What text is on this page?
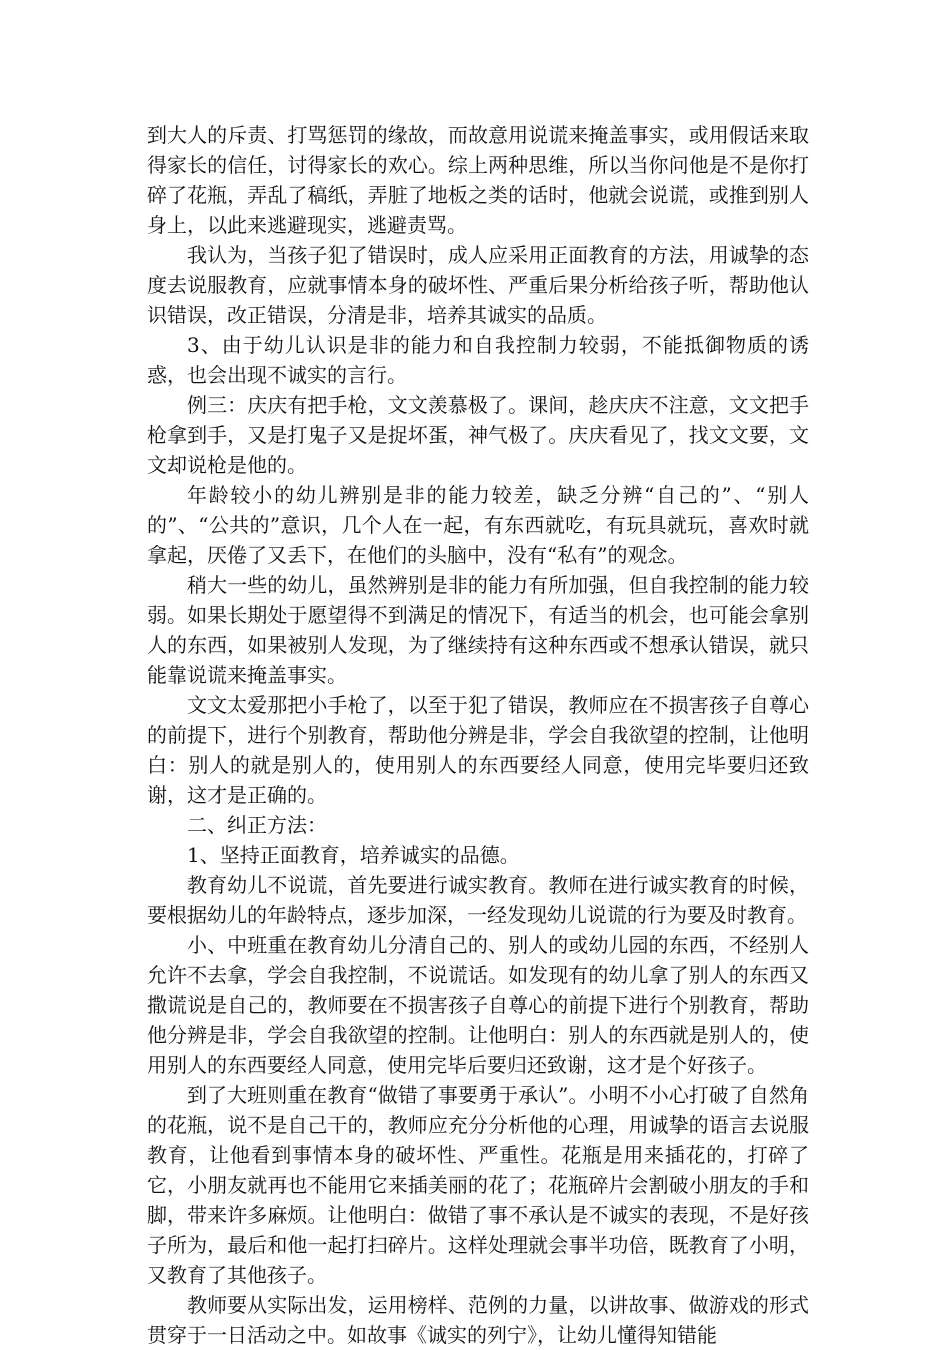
到大人的斥责、打骂惩罚的缘故，而故意用说谎来掩盖事实，或用假话来取得家长的信任，讨得家长的欢心。综上两种思维，所以当你问他是不是你打碎了花瓶，弄乱了稿纸，弄脏了地板之类的话时，他就会说谎，或推到别人身上，以此来逃避现实，逃避责骂。

我认为，当孩子犯了错误时，成人应采用正面教育的方法，用诚挚的态度去说服教育，应就事情本身的破坏性、严重后果分析给孩子听，帮助他认识错误，改正错误，分清是非，培养其诚实的品质。

3、由于幼儿认识是非的能力和自我控制力较弱，不能抵御物质的诱惑，也会出现不诚实的言行。

例三：庆庆有把手枪，文文羡慕极了。课间，趁庆庆不注意，文文把手枪拿到手，又是打鬼子又是捉坏蛋，神气极了。庆庆看见了，找文文要，文文却说枪是他的。

年龄较小的幼儿辨别是非的能力较差，缺乏分辨“自己的”、“别人的”、“公共的”意识，几个人在一起，有东西就吃，有玩具就玩，喜欢时就拿起，厌倦了又丢下，在他们的头脑中，没有“私有”的观念。

稍大一些的幼儿，虽然辨别是非的能力有所加强，但自我控制的能力较弱。如果长期处于愿望得不到满足的情况下，有适当的机会，也可能会拿别人的东西，如果被别人发现，为了继续持有这种东西或不想承认错误，就只能靠说谎来掩盖事实。

文文太爱那把小手枪了，以至于犯了错误，教师应在不损害孩子自尊心的前提下，进行个别教育，帮助他分辨是非，学会自我欲望的控制，让他明白：别人的就是别人的，使用别人的东西要经人同意，使用完毕要归还致谢，这才是正确的。

二、纠正方法：

1、坚持正面教育，培养诚实的品德。

教育幼儿不说谎，首先要进行诚实教育。教师在进行诚实教育的时候，要根据幼儿的年龄特点，逐步加深，一经发现幼儿说谎的行为要及时教育。

小、中班重在教育幼儿分清自己的、别人的或幼儿园的东西，不经别人允许不去拿，学会自我控制，不说谎话。如发现有的幼儿拿了别人的东西又撒谎说是自己的，教师要在不损害孩子自尊心的前提下进行个别教育，帮助他分辨是非，学会自我欲望的控制。让他明白：别人的东西就是别人的，使用别人的东西要经人同意，使用完毕后要归还致谢，这才是个好孩子。

到了大班则重在教育“做错了事要勇于承认”。小明不小心打破了自然角的花瓶，说不是自己干的，教师应充分分析他的心理，用诚挚的语言去说服教育，让他看到事情本身的破坏性、严重性。花瓶是用来插花的，打碎了它，小朋友就再也不能用它来插美丽的花了；花瓶碎片会割破小朋友的手和脚，带来许多麻烦。让他明白：做错了事不承认是不诚实的表现，不是好孩子所为，最后和他一起打扫碎片。这样处理就会事半功倍，既教育了小明，又教育了其他孩子。

教师要从实际出发，运用榜样、范例的力量，以讲故事、做游戏的形式贯穿于一日活动之中。如故事《诚实的列宁》，让幼儿懂得知错能
